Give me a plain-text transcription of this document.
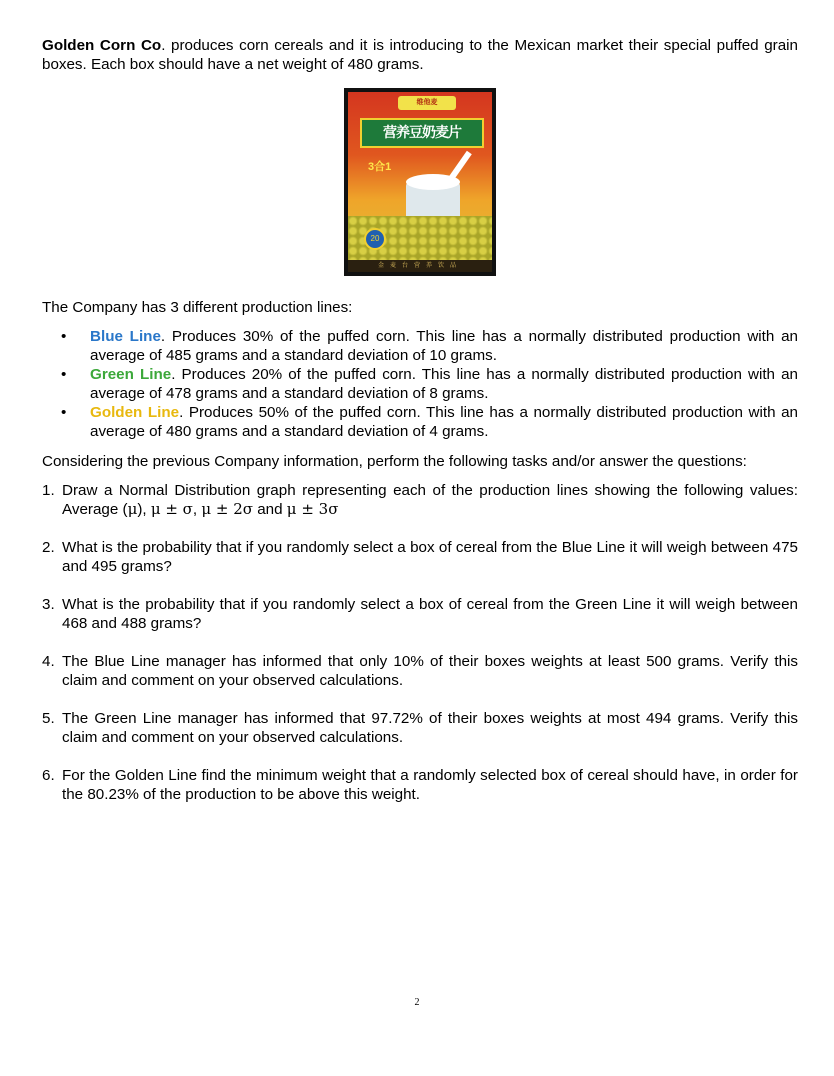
Golden Corn Co. produces corn cereals and it is introducing to the Mexican market their special puffed grain boxes. Each box should have a net weight of 480 grams.

维他麦
营养豆奶麦片
3合1
20
金麦台营养饮品

The Company has 3 different production lines:

• Blue Line. Produces 30% of the puffed corn. This line has a normally distributed production with an average of 485 grams and a standard deviation of 10 grams.
• Green Line. Produces 20% of the puffed corn. This line has a normally distributed production with an average of 478 grams and a standard deviation of 8 grams.
• Golden Line. Produces 50% of the puffed corn. This line has a normally distributed production with an average of 480 grams and a standard deviation of 4 grams.

Considering the previous Company information, perform the following tasks and/or answer the questions:

1. Draw a Normal Distribution graph representing each of the production lines showing the following values: Average (μ), μ ± σ, μ ± 2σ and μ ± 3σ
2. What is the probability that if you randomly select a box of cereal from the Blue Line it will weigh between 475 and 495 grams?
3. What is the probability that if you randomly select a box of cereal from the Green Line it will weigh between 468 and 488 grams?
4. The Blue Line manager has informed that only 10% of their boxes weights at least 500 grams. Verify this claim and comment on your observed calculations.
5. The Green Line manager has informed that 97.72% of their boxes weights at most 494 grams. Verify this claim and comment on your observed calculations.
6. For the Golden Line find the minimum weight that a randomly selected box of cereal should have, in order for the 80.23% of the production to be above this weight.
2
